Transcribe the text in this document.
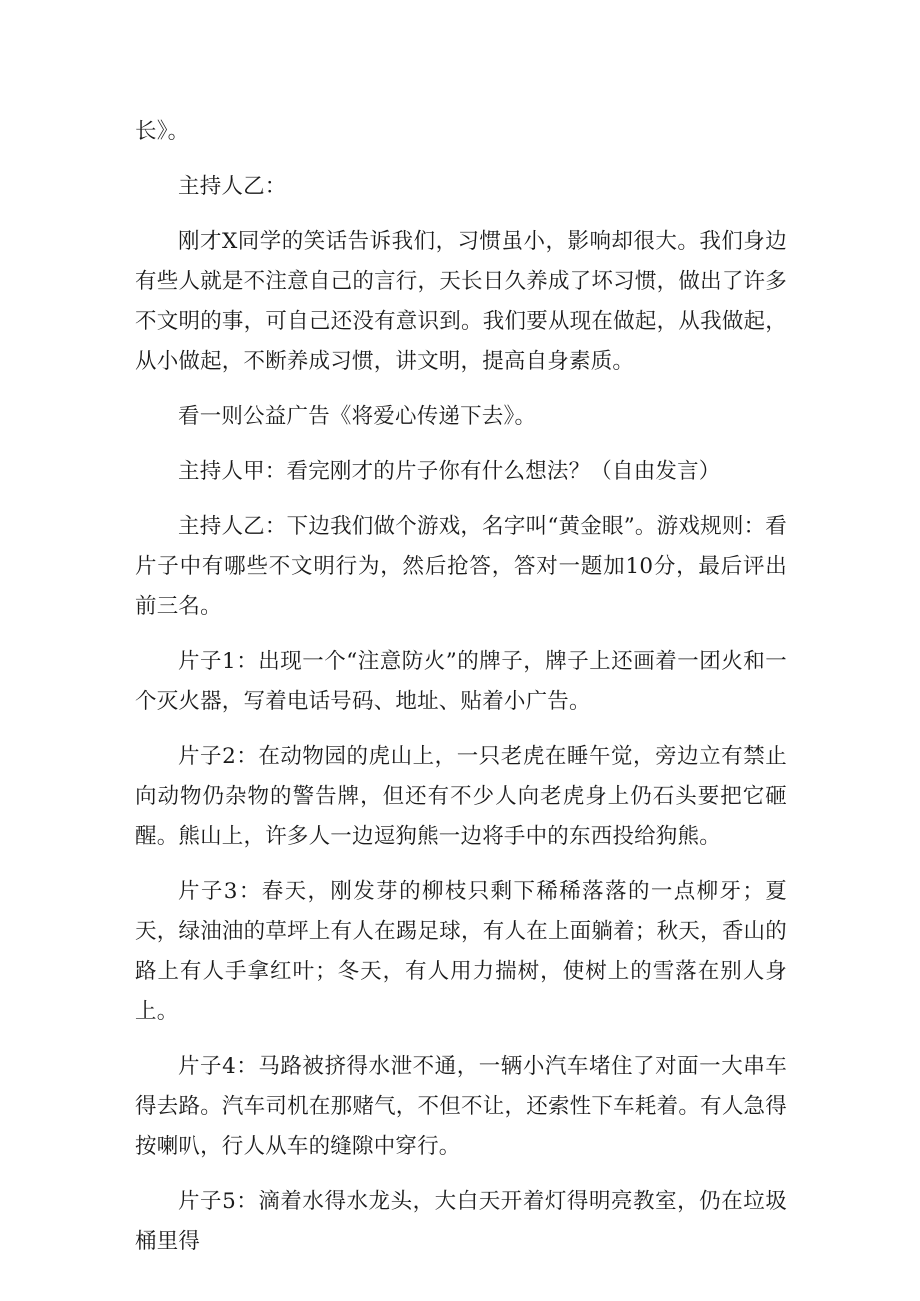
长》。

主持人乙：

刚才X同学的笑话告诉我们，习惯虽小，影响却很大。我们身边有些人就是不注意自己的言行，天长日久养成了坏习惯，做出了许多不文明的事，可自己还没有意识到。我们要从现在做起，从我做起，从小做起，不断养成习惯，讲文明，提高自身素质。

看一则公益广告《将爱心传递下去》。

主持人甲：看完刚才的片子你有什么想法？（自由发言）

主持人乙：下边我们做个游戏，名字叫“黄金眼”。游戏规则：看片子中有哪些不文明行为，然后抢答，答对一题加10分，最后评出前三名。

片子1：出现一个“注意防火”的牌子，牌子上还画着一团火和一个灭火器，写着电话号码、地址、贴着小广告。

片子2：在动物园的虎山上，一只老虎在睡午觉，旁边立有禁止向动物仍杂物的警告牌，但还有不少人向老虎身上仍石头要把它砸醒。熊山上，许多人一边逗狗熊一边将手中的东西投给狗熊。

片子3：春天，刚发芽的柳枝只剩下稀稀落落的一点柳牙；夏天，绿油油的草坪上有人在踢足球，有人在上面躺着；秋天，香山的路上有人手拿红叶；冬天，有人用力揣树，使树上的雪落在别人身上。

片子4：马路被挤得水泄不通，一辆小汽车堵住了对面一大串车得去路。汽车司机在那赌气，不但不让，还索性下车耗着。有人急得按喇叭，行人从车的缝隙中穿行。

片子5：滴着水得水龙头，大白天开着灯得明亮教室，仍在垃圾桶里得
